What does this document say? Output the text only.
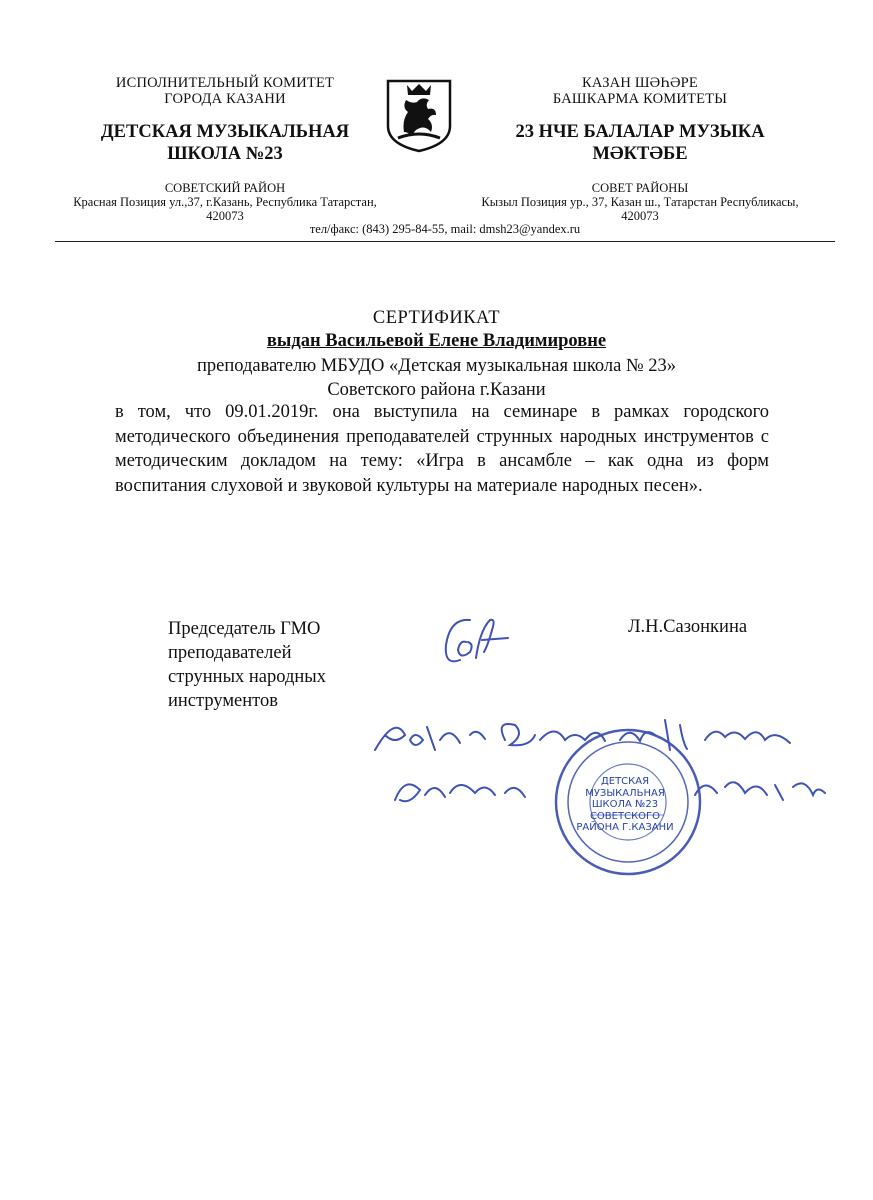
ИСПОЛНИТЕЛЬНЫЙ КОМИТЕТ
ГОРОДА КАЗАНИ
ДЕТСКАЯ МУЗЫКАЛЬНАЯ
ШКОЛА №23
СОВЕТСКИЙ РАЙОН
Красная Позиция ул.,37, г.Казань, Республика Татарстан,
420073
КАЗАН ШӘҺӘРЕ
БАШКАРМА КОМИТЕТЫ
23 НЧЕ БАЛАЛАР МУЗЫКА
МӘКТӘБЕ
СОВЕТ РАЙОНЫ
Кызыл Позиция ур., 37, Казан ш., Татарстан Республикасы,
420073
тел/факс: (843) 295-84-55, mail: dmsh23@yandex.ru
СЕРТИФИКАТ
выдан Васильевой Елене Владимировне
преподавателю МБУДО «Детская музыкальная школа № 23»
Советского района г.Казани
в том, что 09.01.2019г. она выступила на семинаре в рамках городского методического объединения преподавателей струнных народных инструментов с методическим докладом на тему: «Игра в ансамбле – как одна из форм воспитания слуховой и звуковой культуры на материале народных песен».
Председатель ГМО
преподавателей
струнных народных
инструментов
Л.Н.Сазонкина
ДЕТСКАЯ
МУЗЫКАЛЬНАЯ
ШКОЛА №23
СОВЕТСКОГО
РАЙОНА Г.КАЗАНИ
